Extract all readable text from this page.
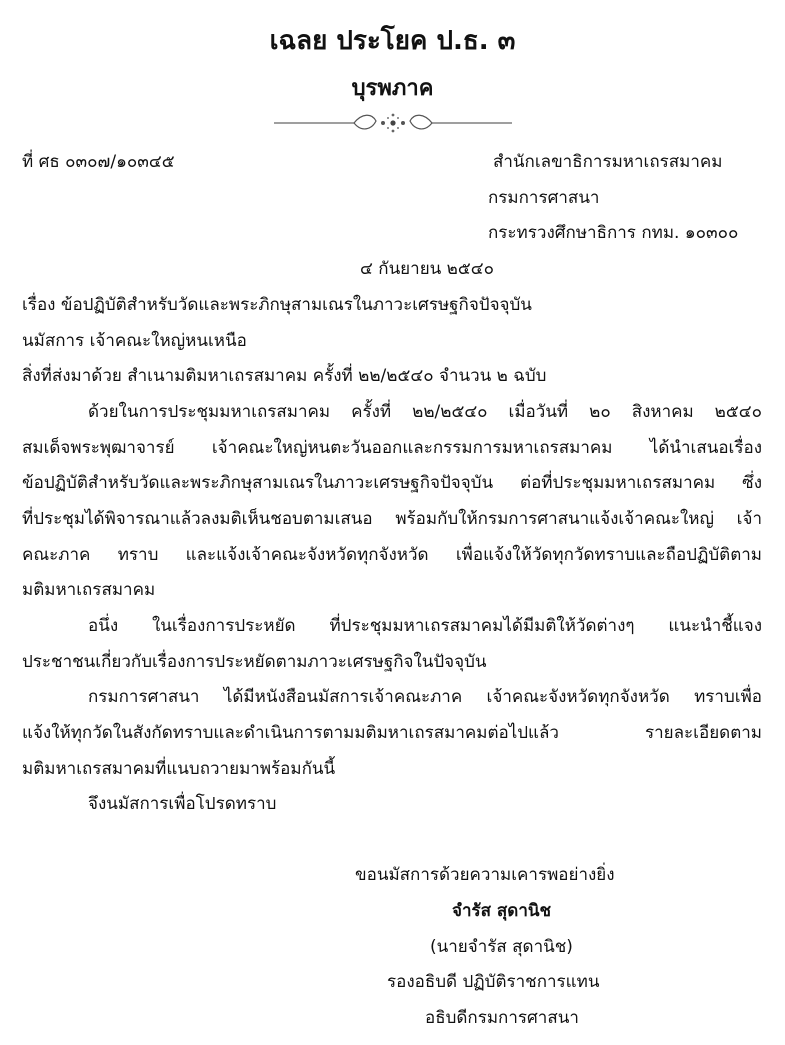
เฉลย ประโยค ป.ธ. ๓
บุรพภาค
ที่ ศธ ๐๓๐๗/๑๐๓๔๕	สำนักเลขาธิการมหาเถรสมาคม
กรมการศาสนา
กระทรวงศึกษาธิการ กทม. ๑๐๓๐๐
๔ กันยายน ๒๕๔๐
เรื่อง ข้อปฏิบัติสำหรับวัดและพระภิกษุสามเณรในภาวะเศรษฐกิจปัจจุบัน
นมัสการ เจ้าคณะใหญ่หนเหนือ
สิ่งที่ส่งมาด้วย สำเนามติมหาเถรสมาคม ครั้งที่ ๒๒/๒๕๔๐ จำนวน ๒ ฉบับ
ด้วยในการประชุมมหาเถรสมาคม ครั้งที่ ๒๒/๒๕๔๐ เมื่อวันที่ ๒๐ สิงหาคม ๒๕๔๐
สมเด็จพระพุฒาจารย์ เจ้าคณะใหญ่หนตะวันออกและกรรมการมหาเถรสมาคม ได้นำเสนอเรื่อง
ข้อปฏิบัติสำหรับวัดและพระภิกษุสามเณรในภาวะเศรษฐกิจปัจจุบัน ต่อที่ประชุมมหาเถรสมาคม ซึ่ง
ที่ประชุมได้พิจารณาแล้วลงมติเห็นชอบตามเสนอ พร้อมกับให้กรมการศาสนาแจ้งเจ้าคณะใหญ่ เจ้า
คณะภาค ทราบ และแจ้งเจ้าคณะจังหวัดทุกจังหวัด เพื่อแจ้งให้วัดทุกวัดทราบและถือปฏิบัติตาม
มติมหาเถรสมาคม
อนึ่ง ในเรื่องการประหยัด ที่ประชุมมหาเถรสมาคมได้มีมติให้วัดต่างๆ แนะนำชี้แจง
ประชาชนเกี่ยวกับเรื่องการประหยัดตามภาวะเศรษฐกิจในปัจจุบัน
กรมการศาสนา ได้มีหนังสือนมัสการเจ้าคณะภาค เจ้าคณะจังหวัดทุกจังหวัด ทราบเพื่อ
แจ้งให้ทุกวัดในสังกัดทราบและดำเนินการตามมติมหาเถรสมาคมต่อไปแล้ว รายละเอียดตาม
มติมหาเถรสมาคมที่แนบถวายมาพร้อมกันนี้
จึงนมัสการเพื่อโปรดทราบ
ขอนมัสการด้วยความเคารพอย่างยิ่ง
จำรัส สุดานิช
(นายจำรัส สุดานิช)
รองอธิบดี ปฏิบัติราชการแทน
อธิบดีกรมการศาสนา
